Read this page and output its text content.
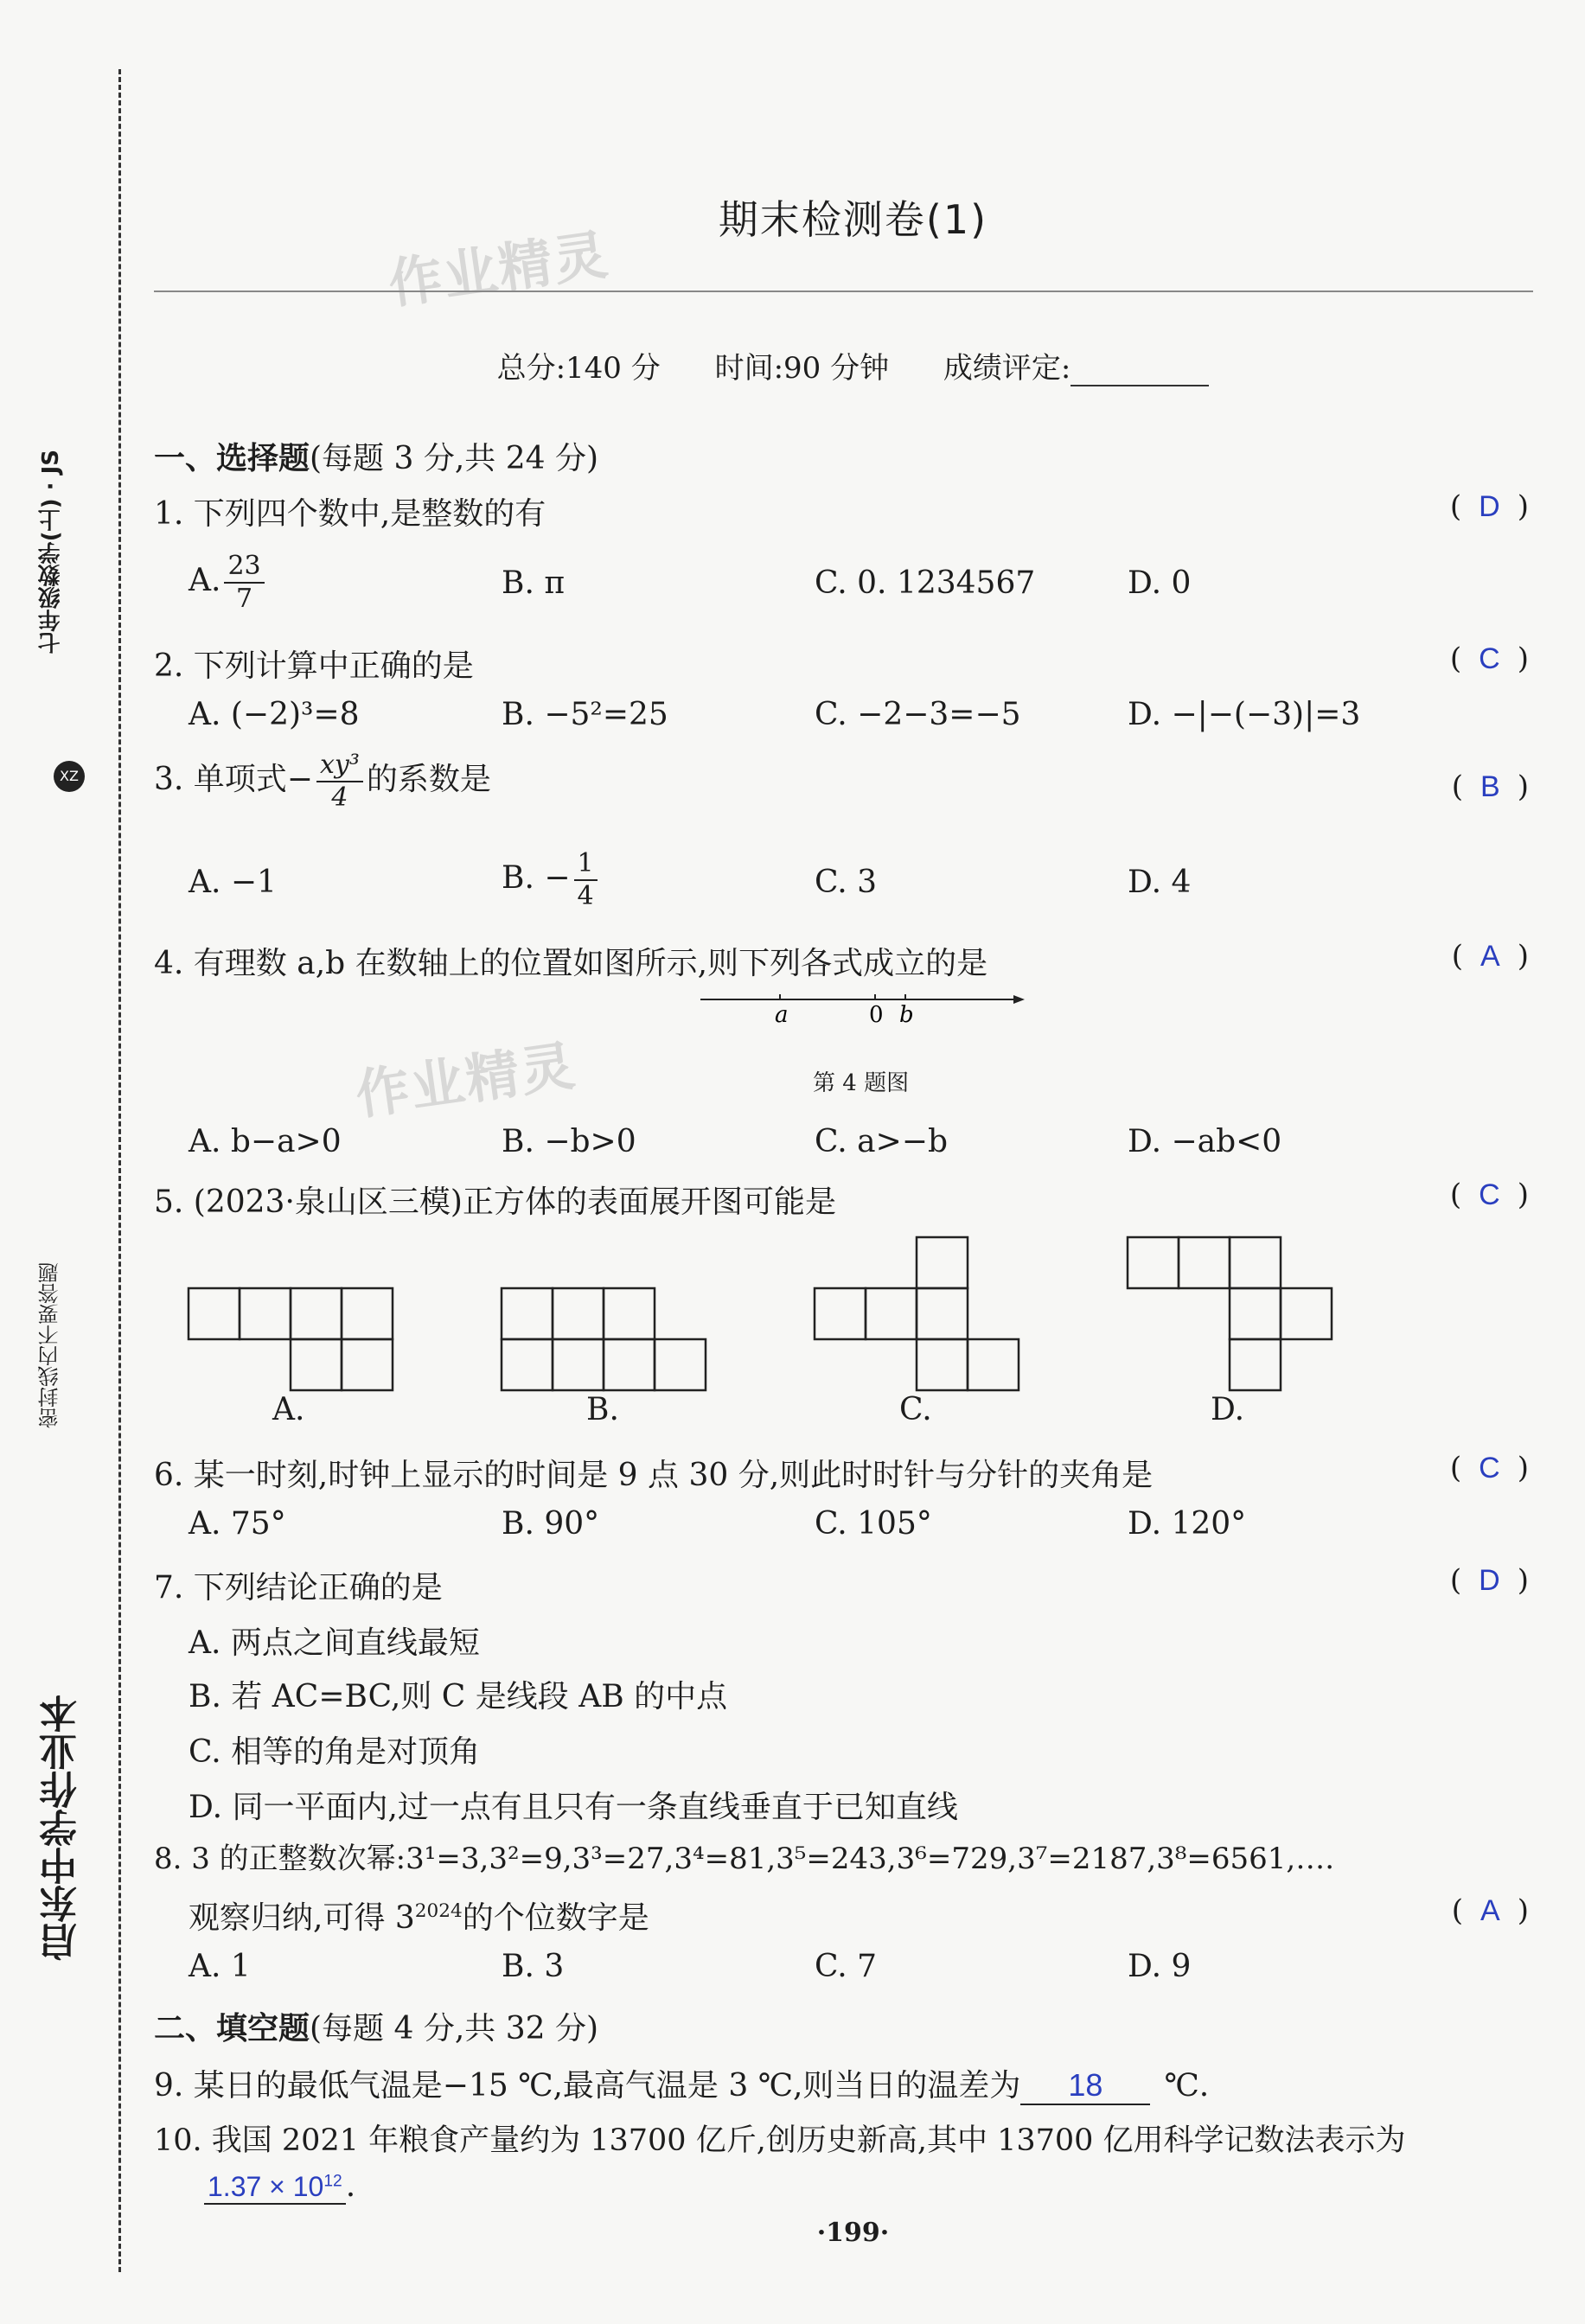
启东中学作业本
密封线内不要答题
七年级数学(上) · JS
XZ
作业精灵
作业精灵
期末检测卷(1)
总分:140 分 时间:90 分钟 成绩评定:
一、选择题(每题 3 分,共 24 分)
1. 下列四个数中,是整数的有	( D )
A. $\frac{23}{7}$	B. π	C. 0. 1234567	D. 0
2. 下列计算中正确的是	( C )
A. (−2)³=8	B. −5²=25	C. −2−3=−5	D. −|−(−3)|=3
3. 单项式− $\frac{\text{xy³}}{4}$ 的系数是	( B )
A. −1	B. − $\frac{1}{4}$	C. 3	D. 4
4. 有理数 a,b 在数轴上的位置如图所示,则下列各式成立的是	( A )
a	0 b
第 4 题图
A. b−a>0	B. −b>0	C. a>−b	D. −ab<0
5. (2023·泉山区三模)正方体的表面展开图可能是	( C )
A.	B.	C.	D.
6. 某一时刻,时钟上显示的时间是 9 点 30 分,则此时时针与分针的夹角是	( C )
A. 75°	B. 90°	C. 105°	D. 120°
7. 下列结论正确的是	( D )
A. 两点之间直线最短
B. 若 AC=BC,则 C 是线段 AB 的中点
C. 相等的角是对顶角
D. 同一平面内,过一点有且只有一条直线垂直于已知直线
8. 3 的正整数次幂:3¹=3,3²=9,3³=27,3⁴=81,3⁵=243,3⁶=729,3⁷=2187,3⁸=6561,….
观察归纳,可得 $3^{2024}$的个位数字是	( A )
A. 1	B. 3	C. 7	D. 9
二、填空题(每题 4 分,共 32 分)
9. 某日的最低气温是−15 ℃,最高气温是 3 ℃,则当日的温差为 18 ℃.
10. 我国 2021 年粮食产量约为 13700 亿斤,创历史新高,其中 13700 亿用科学记数法表示为
$1.37 \times 10^{12}$ .
·199·
